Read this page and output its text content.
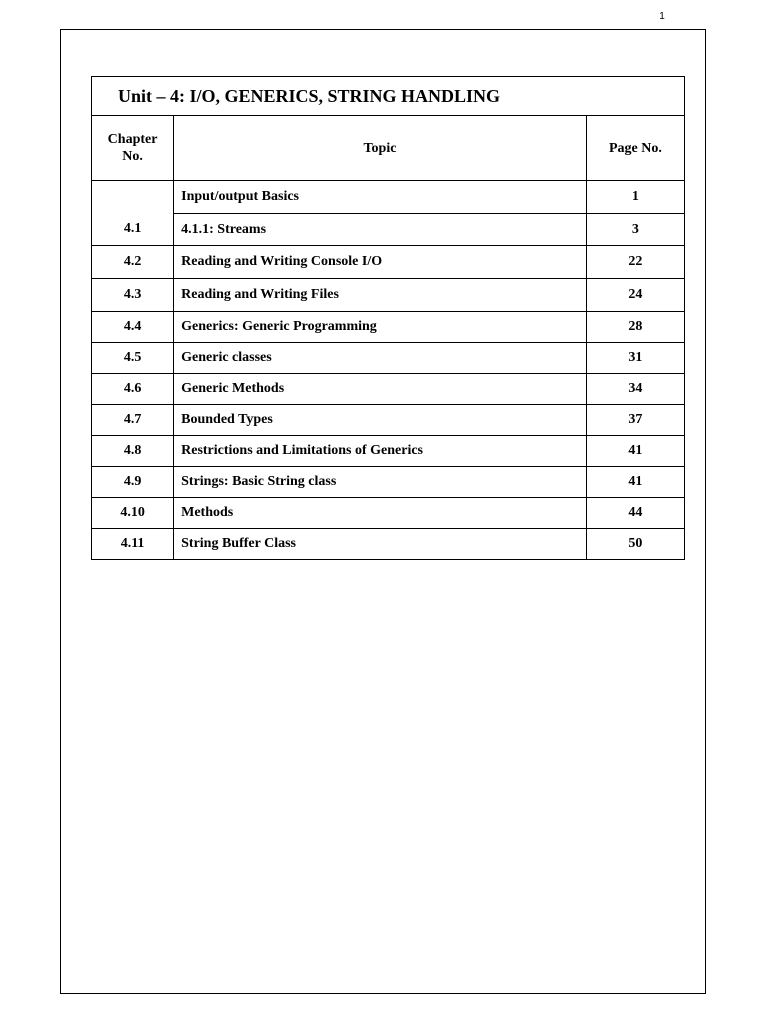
1
Unit – 4: I/O, GENERICS, STRING HANDLING		
Chapter
No.	Topic	Page No.
	Input/output Basics	1
4.1	4.1.1: Streams	3
4.2	Reading and Writing Console I/O	22
4.3	Reading and Writing Files	24
4.4	Generics: Generic Programming	28
4.5	Generic classes	31
4.6	Generic Methods	34
4.7	Bounded Types	37
4.8	Restrictions and Limitations of Generics	41
4.9	Strings: Basic String class	41
4.10	Methods	44
4.11	String Buffer Class	50
